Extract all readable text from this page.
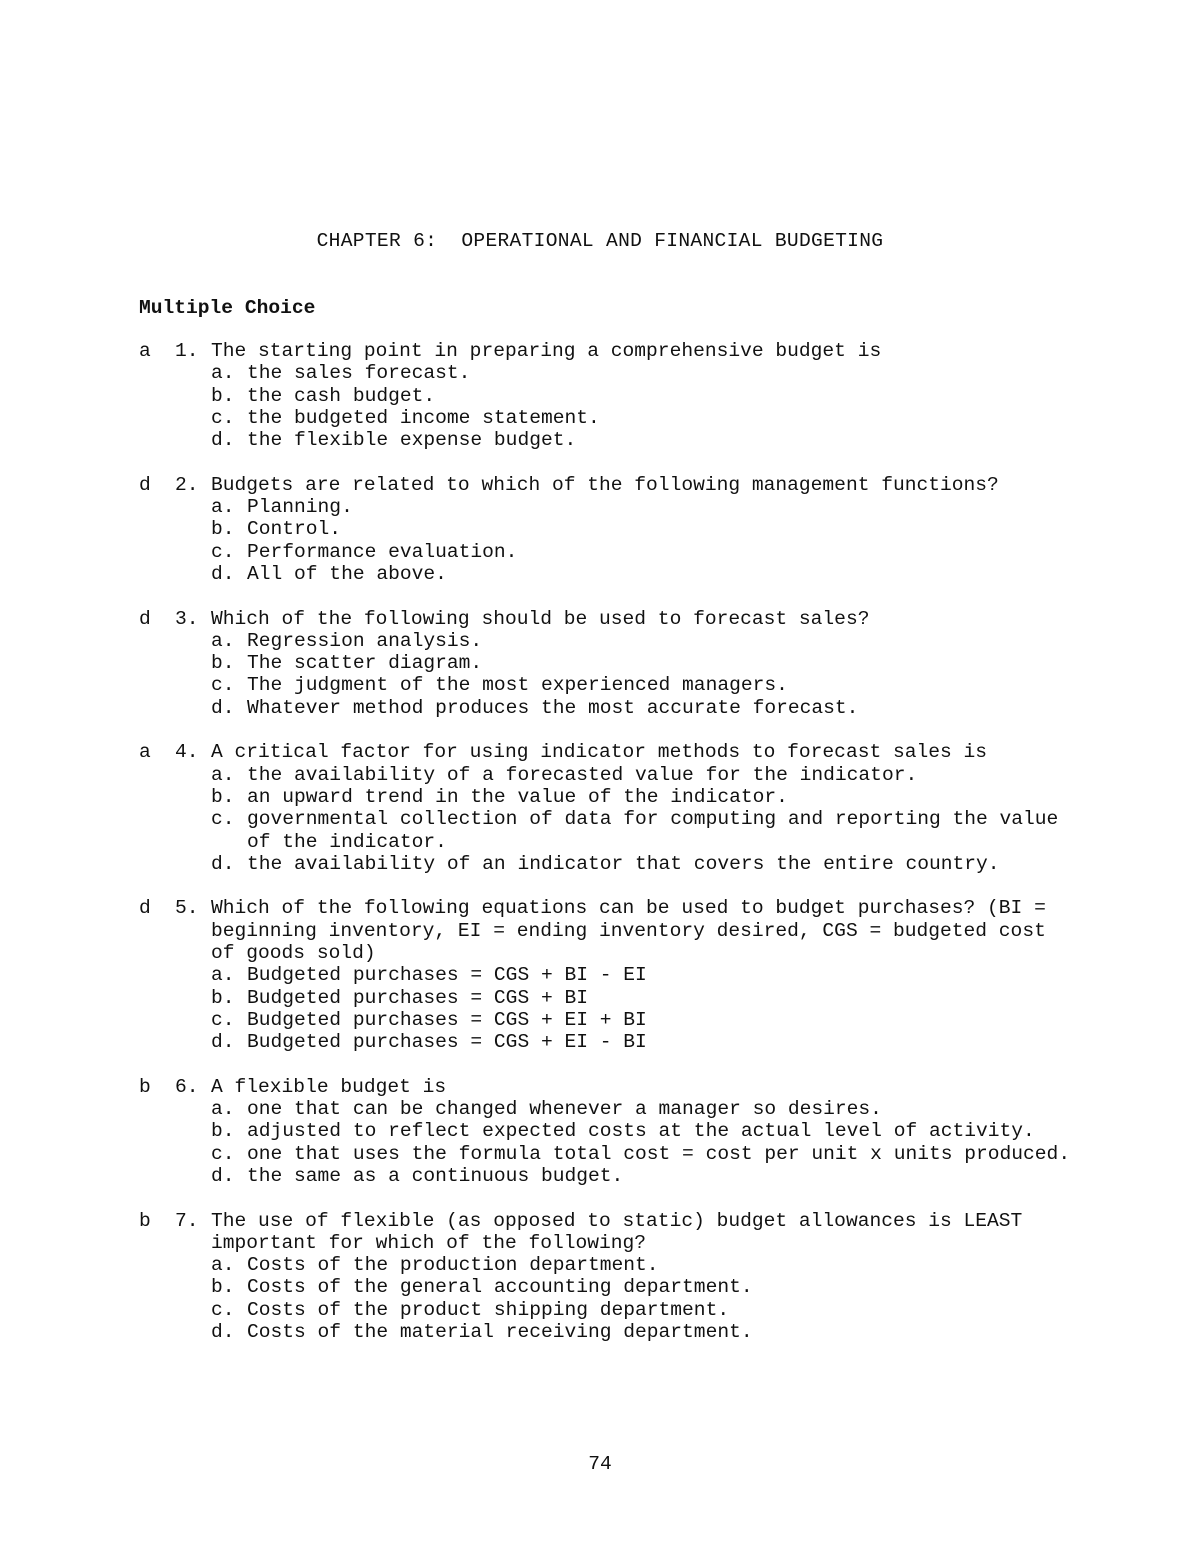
CHAPTER 6:  OPERATIONAL AND FINANCIAL BUDGETING
Multiple Choice
a	1. The starting point in preparing a comprehensive budget is
a. the sales forecast.
b. the cash budget.
c. the budgeted income statement.
d. the flexible expense budget.
d	2. Budgets are related to which of the following management functions?
a. Planning.
b. Control.
c. Performance evaluation.
d. All of the above.
d	3. Which of the following should be used to forecast sales?
a. Regression analysis.
b. The scatter diagram.
c. The judgment of the most experienced managers.
d. Whatever method produces the most accurate forecast.
a	4. A critical factor for using indicator methods to forecast sales is
a. the availability of a forecasted value for the indicator.
b. an upward trend in the value of the indicator.
c. governmental collection of data for computing and reporting the value of the indicator.
d. the availability of an indicator that covers the entire country.
d	5. Which of the following equations can be used to budget purchases? (BI = beginning inventory, EI = ending inventory desired, CGS = budgeted cost of goods sold)
a. Budgeted purchases = CGS + BI - EI
b. Budgeted purchases = CGS + BI
c. Budgeted purchases = CGS + EI + BI
d. Budgeted purchases = CGS + EI - BI
b	6. A flexible budget is
a. one that can be changed whenever a manager so desires.
b. adjusted to reflect expected costs at the actual level of activity.
c. one that uses the formula total cost = cost per unit x units produced.
d. the same as a continuous budget.
b	7. The use of flexible (as opposed to static) budget allowances is LEAST important for which of the following?
a. Costs of the production department.
b. Costs of the general accounting department.
c. Costs of the product shipping department.
d. Costs of the material receiving department.
74
